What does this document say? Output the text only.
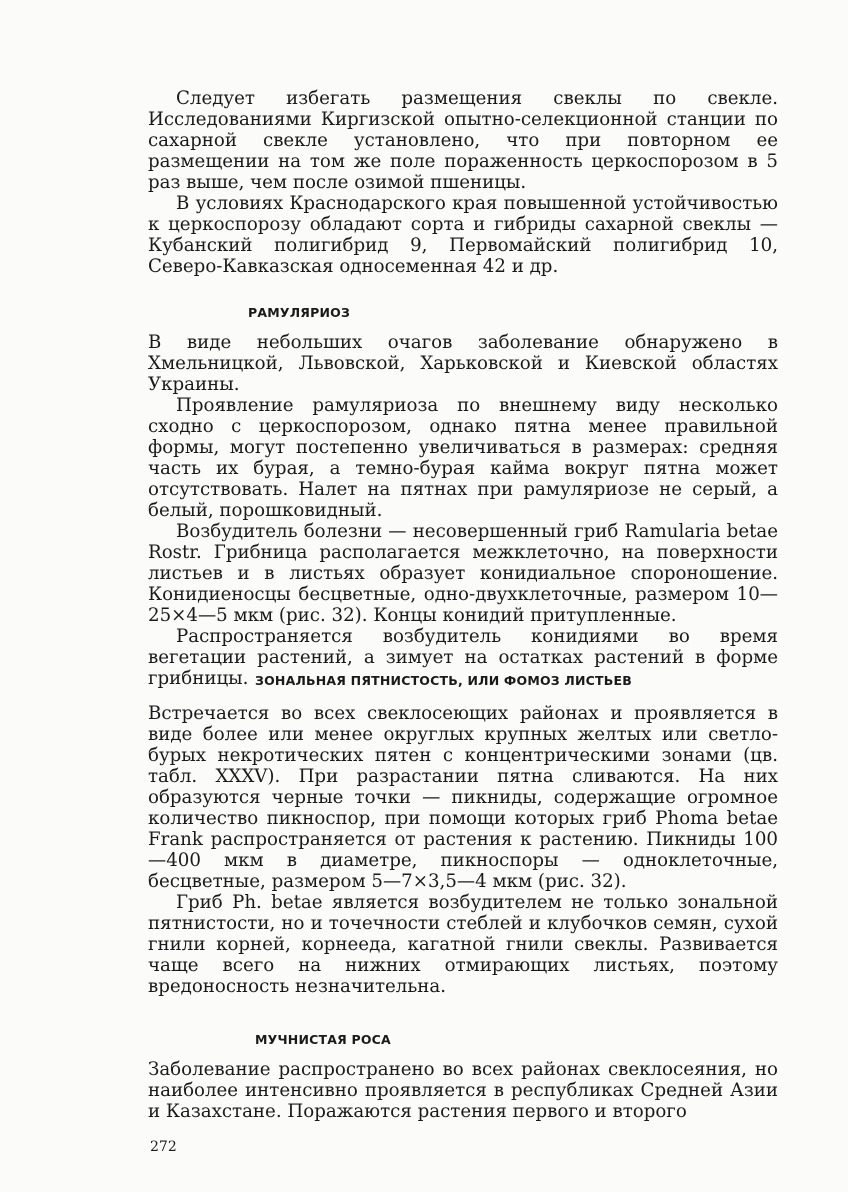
Следует избегать размещения свеклы по свекле. Исследованиями Киргизской опытно-селекционной станции по сахарной свекле установлено, что при повторном ее размещении на том же поле пораженность церкоспорозом в 5 раз выше, чем после озимой пшеницы.

В условиях Краснодарского края повышенной устойчивостью к церкоспорозу обладают сорта и гибриды сахарной свеклы — Кубанский полигибрид 9, Первомайский полигибрид 10, Северо-Кавказская односеменная 42 и др.

РАМУЛЯРИОЗ

В виде небольших очагов заболевание обнаружено в Хмельницкой, Львовской, Харьковской и Киевской областях Украины.

Проявление рамуляриоза по внешнему виду несколько сходно с церкоспорозом, однако пятна менее правильной формы, могут постепенно увеличиваться в размерах: средняя часть их бурая, а темно-бурая кайма вокруг пятна может отсутствовать. Налет на пятнах при рамуляриозе не серый, а белый, порошковидный.

Возбудитель болезни — несовершенный гриб Ramularia betae Rostr. Грибница располагается межклеточно, на поверхности листьев и в листьях образует конидиальное спороношение. Конидиеносцы бесцветные, одно-двухклеточные, размером 10—25×4—5 мкм (рис. 32). Концы конидий притупленные.

Распространяется возбудитель конидиями во время вегетации растений, а зимует на остатках растений в форме грибницы. ЗОНАЛЬНАЯ ПЯТНИСТОСТЬ, ИЛИ ФОМОЗ ЛИСТЬЕВ

Встречается во всех свеклосеющих районах и проявляется в виде более или менее округлых крупных желтых или светло-бурых некротических пятен с концентрическими зонами (цв. табл. XXXV). При разрастании пятна сливаются. На них образуются черные точки — пикниды, содержащие огромное количество пикноспор, при помощи которых гриб Phoma betae Frank распространяется от растения к растению. Пикниды 100—400 мкм в диаметре, пикноспоры — одноклеточные, бесцветные, размером 5—7×3,5—4 мкм (рис. 32).

Гриб Ph. betae является возбудителем не только зональной пятнистости, но и точечности стеблей и клубочков семян, сухой гнили корней, корнееда, кагатной гнили свеклы. Развивается чаще всего на нижних отмирающих листьях, поэтому вредоносность незначительна.

МУЧНИСТАЯ РОСА

Заболевание распространено во всех районах свеклосеяния, но наиболее интенсивно проявляется в республиках Средней Азии и Казахстане. Поражаются растения первого и второго

272
